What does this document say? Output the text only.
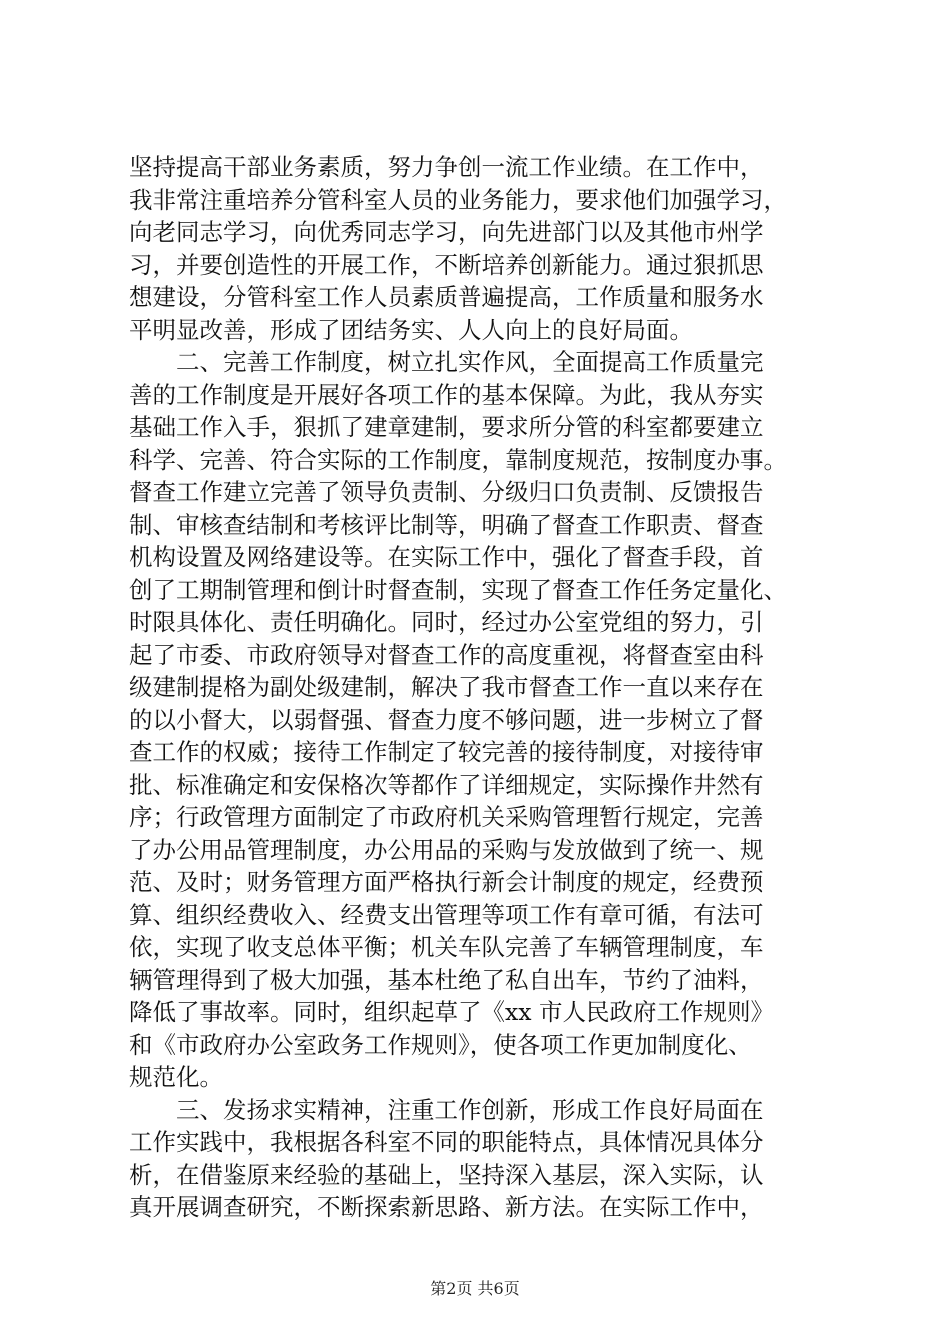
坚持提高干部业务素质，努力争创一流工作业绩。在工作中，
我非常注重培养分管科室人员的业务能力，要求他们加强学习，
向老同志学习，向优秀同志学习，向先进部门以及其他市州学
习，并要创造性的开展工作，不断培养创新能力。通过狠抓思
想建设，分管科室工作人员素质普遍提高，工作质量和服务水
平明显改善，形成了团结务实、人人向上的良好局面。
二、完善工作制度，树立扎实作风，全面提高工作质量完
善的工作制度是开展好各项工作的基本保障。为此，我从夯实
基础工作入手，狠抓了建章建制，要求所分管的科室都要建立
科学、完善、符合实际的工作制度，靠制度规范，按制度办事。
督查工作建立完善了领导负责制、分级归口负责制、反馈报告
制、审核查结制和考核评比制等，明确了督查工作职责、督查
机构设置及网络建设等。在实际工作中，强化了督查手段，首
创了工期制管理和倒计时督查制，实现了督查工作任务定量化、
时限具体化、责任明确化。同时，经过办公室党组的努力，引
起了市委、市政府领导对督查工作的高度重视，将督查室由科
级建制提格为副处级建制，解决了我市督查工作一直以来存在
的以小督大，以弱督强、督查力度不够问题，进一步树立了督
查工作的权威；接待工作制定了较完善的接待制度，对接待审
批、标准确定和安保格次等都作了详细规定，实际操作井然有
序；行政管理方面制定了市政府机关采购管理暂行规定，完善
了办公用品管理制度，办公用品的采购与发放做到了统一、规
范、及时；财务管理方面严格执行新会计制度的规定，经费预
算、组织经费收入、经费支出管理等项工作有章可循，有法可
依，实现了收支总体平衡；机关车队完善了车辆管理制度，车
辆管理得到了极大加强，基本杜绝了私自出车，节约了油料，
降低了事故率。同时，组织起草了《xx 市人民政府工作规则》
和《市政府办公室政务工作规则》，使各项工作更加制度化、
规范化。
三、发扬求实精神，注重工作创新，形成工作良好局面在
工作实践中，我根据各科室不同的职能特点，具体情况具体分
析，在借鉴原来经验的基础上，坚持深入基层，深入实际，认
真开展调查研究，不断探索新思路、新方法。在实际工作中，
第2页 共6页
